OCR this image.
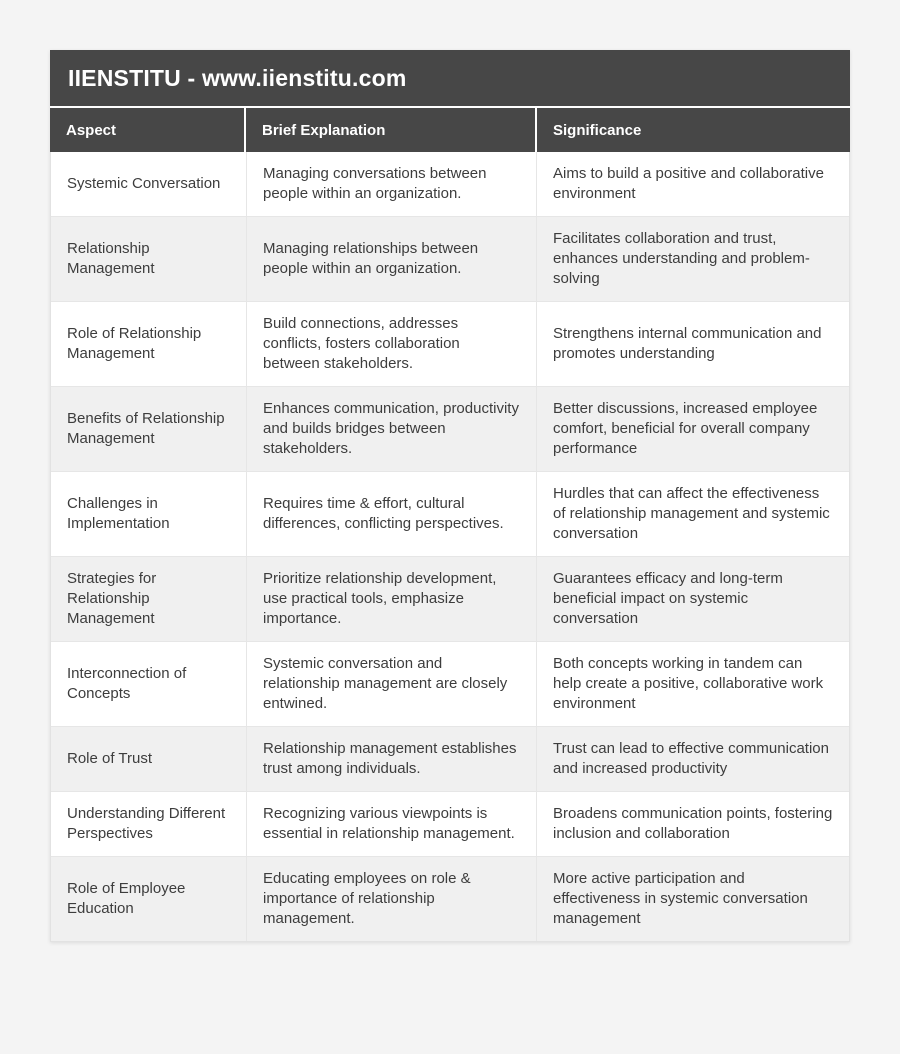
IIENSTITU - www.iienstitu.com
Aspect	Brief Explanation	Significance
Systemic Conversation
Managing conversations between people within an organization.
Aims to build a positive and collaborative environment
Relationship Management
Managing relationships between people within an organization.
Facilitates collaboration and trust, enhances understanding and problem-solving
Role of Relationship Management
Build connections, addresses conflicts, fosters collaboration between stakeholders.
Strengthens internal communication and promotes understanding
Benefits of Relationship Management
Enhances communication, productivity and builds bridges between stakeholders.
Better discussions, increased employee comfort, beneficial for overall company performance
Challenges in Implementation
Requires time & effort, cultural differences, conflicting perspectives.
Hurdles that can affect the effectiveness of relationship management and systemic conversation
Strategies for Relationship Management
Prioritize relationship development, use practical tools, emphasize importance.
Guarantees efficacy and long-term beneficial impact on systemic conversation
Interconnection of Concepts
Systemic conversation and relationship management are closely entwined.
Both concepts working in tandem can help create a positive, collaborative work environment
Role of Trust
Relationship management establishes trust among individuals.
Trust can lead to effective communication and increased productivity
Understanding Different Perspectives
Recognizing various viewpoints is essential in relationship management.
Broadens communication points, fostering inclusion and collaboration
Role of Employee Education
Educating employees on role & importance of relationship management.
More active participation and effectiveness in systemic conversation management
